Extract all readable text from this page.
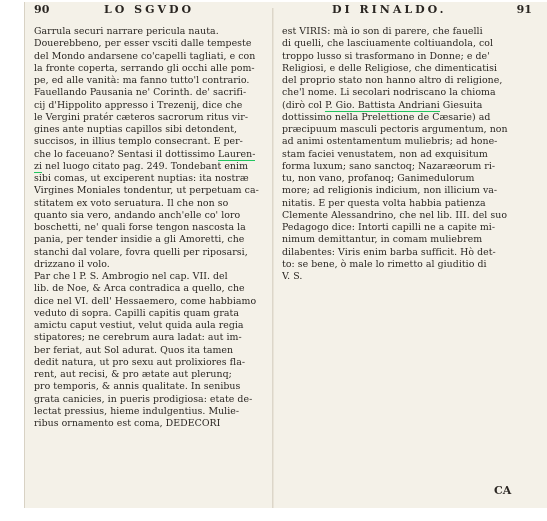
90	LO SGVDO
Garrula securi narrare pericula nauta.
Douerebbeno, per esser vsciti dalle tempeste
del Mondo andarsene co'capelli tagliati, e con
la fronte coperta, serrando gli occhi alle pom-
pe, ed alle vanità: ma fanno tutto'l contrario.
Fauellando Pausania ne' Corinth. de' sacrifi-
cij d'Hippolito appresso i Trezenij, dice che
le Vergini pratér cæteros sacrorum ritus vir-
gines ante nuptias capillos sibi detondent,
succisos, in illius templo consecrant. E per-
che lo faceuano? Sentasi il dottissimo Lauren-
zi nel luogo citato pag. 249. Tondebant enim
sibi comas, ut exciperent nuptias: ita nostræ
Virgines Moniales tondentur, ut perpetuam ca-
stitatem ex voto seruatura. Il che non so
quanto sia vero, andando anch'elle co' loro
boschetti, ne' quali forse tengon nascosta la
pania, per tender insidie a gli Amoretti, che
stanchi dal volare, fovra quelli per riposarsi,
drizzano il volo.
Par che l P. S. Ambrogio nel cap. VII. del
lib. de Noe, & Arca contradica a quello, che
dice nel VI. dell' Hessaemero, come habbiamo
veduto di sopra. Capilli capitis quam grata
amictu caput vestiut, velut quida aula regia
stipatores; ne cerebrum aura ladat: aut im-
ber feriat, aut Sol adurat. Quos ita tamen
dedit natura, ut pro sexu aut prolixiores fla-
rent, aut recisi, & pro ætate aut plerunq;
pro temporis, & annis qualitate. In senibus
grata canicies, in pueris prodigiosa: etate de-
lectat pressius, hieme indulgentius. Mulie-
ribus ornamento est coma, DEDECORI
DI RINALDO.	91
est VIRIS: mà io son di parere, che fauelli
di quelli, che lasciuamente coltiuandola, col
troppo lusso si trasformano in Donne; e de'
Religiosi, e delle Religiose, che dimenticatisi
del proprio stato non hanno altro di religione,
che'l nome. Li secolari nodriscano la chioma
(dirò col P. Gio. Battista Andriani Giesuita
dottissimo nella Prelettione de Cæsarie) ad
præcipuum masculi pectoris argumentum, non
ad animi ostentamentum muliebris; ad hone-
stam faciei venustatem, non ad exquisitum
forma luxum; sano sanctoq; Nazaræorum ri-
tu, non vano, profanoq; Ganimedulorum
more; ad religionis indicium, non illicium va-
nitatis. E per questa volta habbia patienza
Clemente Alessandrino, che nel lib. III. del suo
Pedagogo dice: Intorti capilli ne a capite mi-
nimum demittantur, in comam muliebrem
dilabentes: Viris enim barba sufficit. Hò det-
to: se bene, ò male lo rimetto al giuditio di
V. S.
CA
